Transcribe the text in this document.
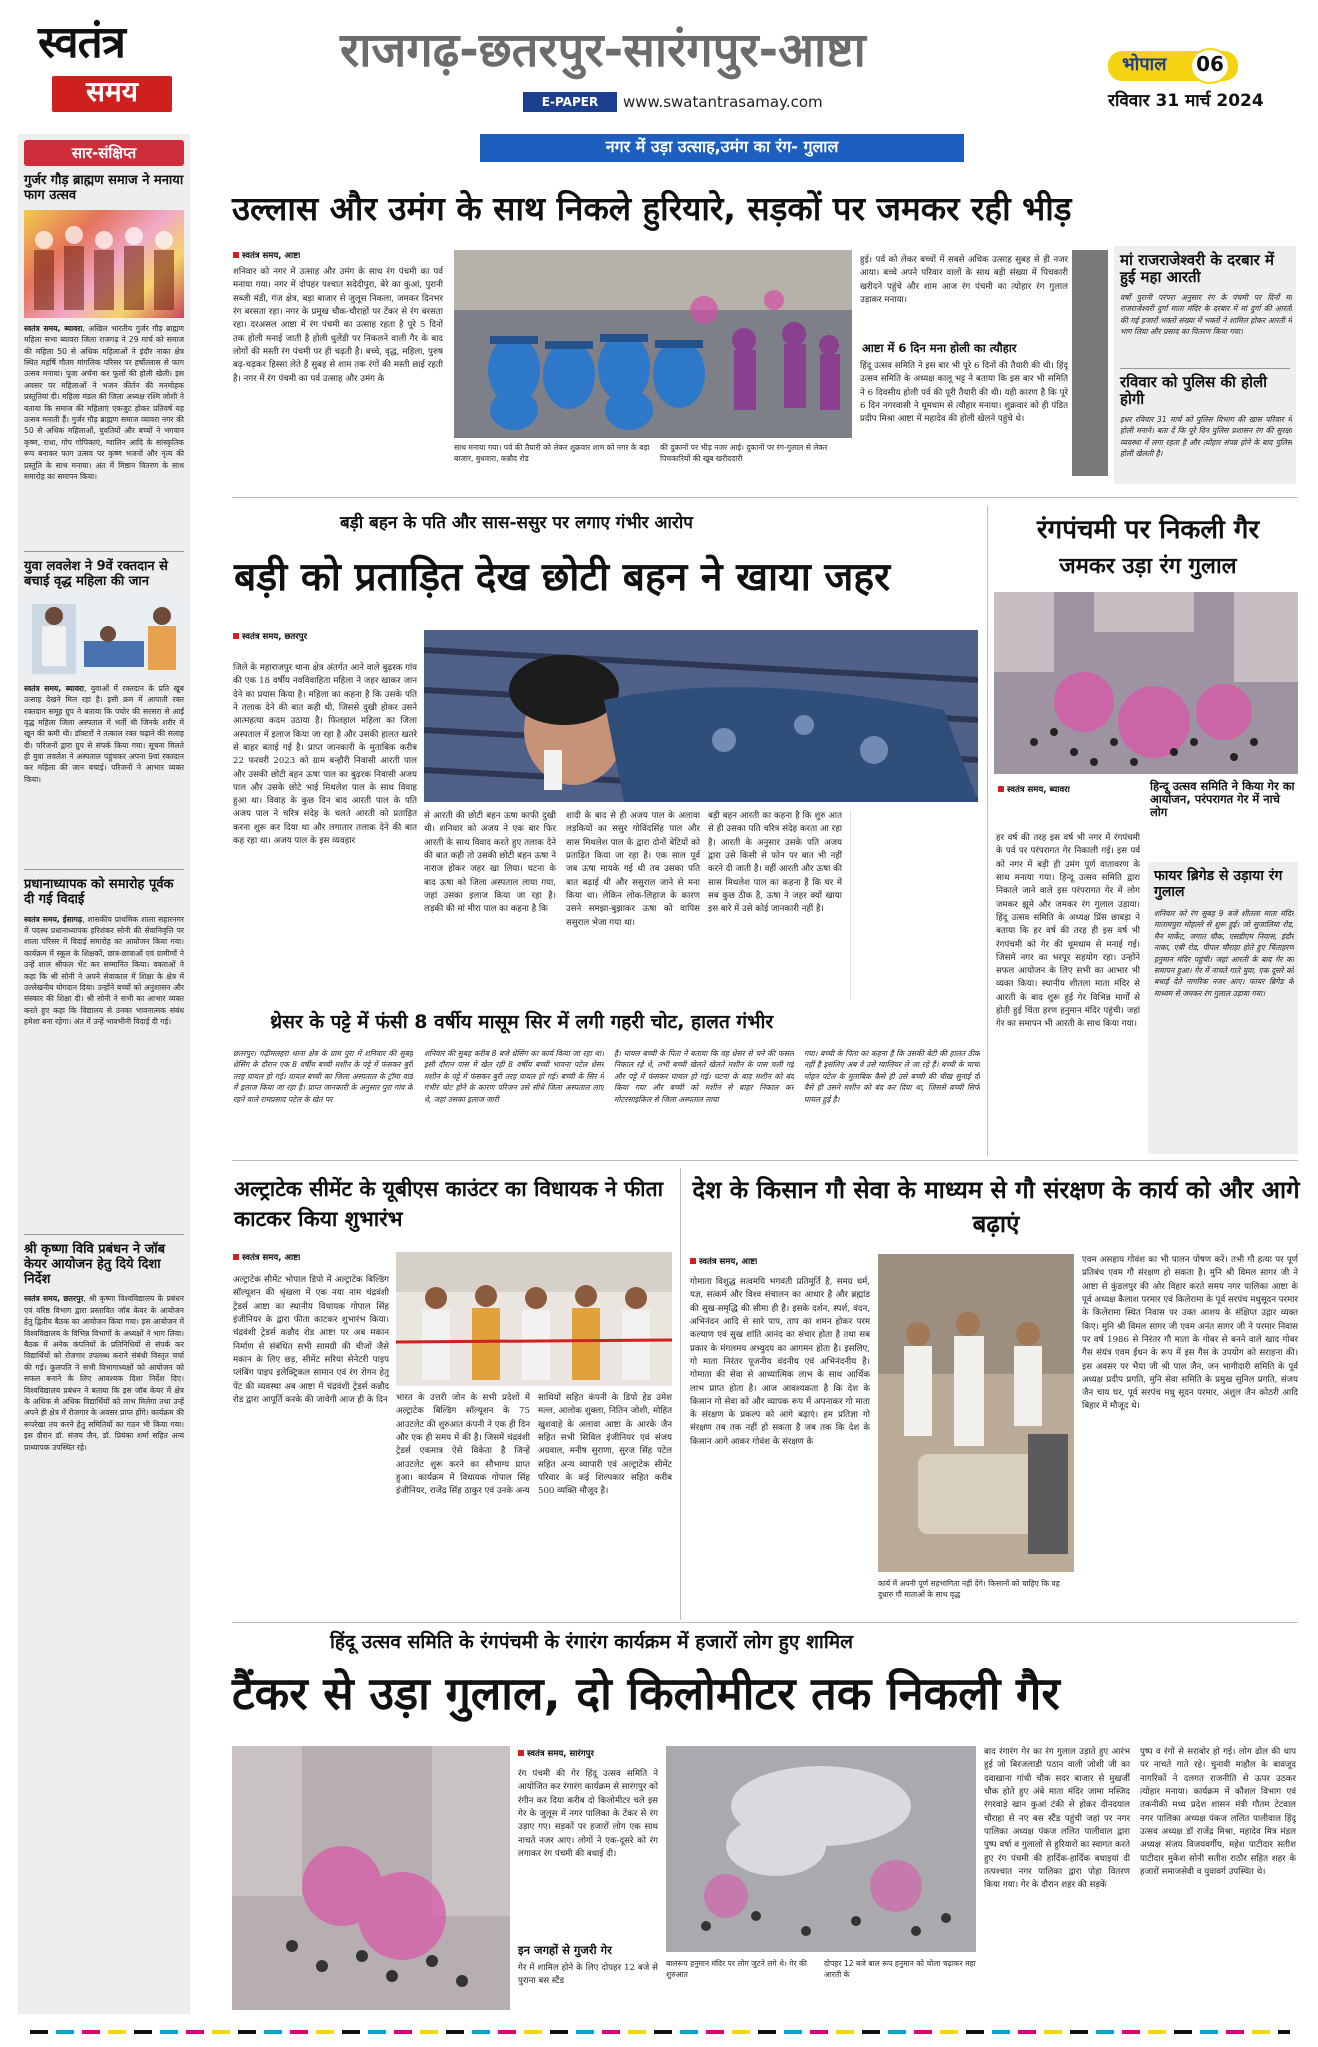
स्वतंत्र
समय
राजगढ़-छतरपुर-सारंगपुर-आष्टा
E-PAPER	www.swatantrasamay.com
भोपाल	06
रविवार 31 मार्च 2024
सार-संक्षिप्त
गुर्जर गौड़ ब्राह्मण समाज ने मनाया फाग उत्सव
स्वतंत्र समय, ब्यावरा, अखिल भारतीय गुर्जर गौड़ ब्राह्मण महिला सभा ब्यावरा जिला राजगढ़ ने 29 मार्च को समाज की महिला 50 से अधिक महिलाओं ने इंदौर नाका क्षेत्र स्थित महर्षि गौतम मांगलिक परिसर पर हर्षोल्लास से फाग उत्सव मनाया। पूजा अर्चना कर फूलों की होली खेली। इस अवसर पर महिलाओं ने भजन कीर्तन की मनमोहक प्रस्तुतियां दी। महिला मंडल की जिला अध्यक्ष रश्मि जोशी ने बताया कि समाज की महिलाएं एकजुट होकर प्रतिवर्ष यह उत्सव मनाती हैं। गुर्जर गौड़ ब्राह्मण समाज व्यावरा नगर की 50 से अधिक महिलाओं, युवतियों और बच्चों ने भगवान कृष्ण, राधा, गोप गोपिकाएं, ग्वालिन आदि के सांस्कृतिक रूप बनाकर फाग उत्सव पर कृष्ण भजनों और नृत्य की प्रस्तुति के साथ मनाया। अंत में मिष्ठान वितरण के साथ समारोह का समापन किया।
युवा लवलेश ने 9वें रक्तदान से बचाई वृद्ध महिला की जान
स्वतंत्र समय, ब्यावरा, युवाओं में रक्तदान के प्रति खूब उत्साह देखने मिल रहा है। इसी क्रम में आपाती रक्त रक्तदान समूह ग्रुप ने बताया कि पचोर की सरसरा से आईं वृद्ध महिला जिला अस्पताल में भर्ती थी जिनके शरीर में खून की कमी थी। डॉक्टरों ने तत्काल रक्त चढ़ाने की सलाह दी। परिजनों द्वारा ग्रुप से संपर्क किया गया। सूचना मिलते ही युवा लवलेश ने अस्पताल पहुंचकर अपना 9वां रक्तदान कर महिला की जान बचाई। परिजनों ने आभार व्यक्त किया।
प्रधानाध्यापक को समारोह पूर्वक दी गई विदाई
स्वतंत्र समय, ईसागढ़, शासकीय प्राथमिक शाला सहारनगर में पदस्थ प्रधानाध्यापक हरिशंकर सोनी की सेवानिवृत्ति पर शाला परिसर में विदाई समारोह का आयोजन किया गया। कार्यक्रम में स्कूल के शिक्षकों, छात्र-छात्राओं एवं ग्रामीणों ने उन्हें शाल श्रीफल भेंट कर सम्मानित किया। वक्ताओं ने कहा कि श्री सोनी ने अपने सेवाकाल में शिक्षा के क्षेत्र में उल्लेखनीय योगदान दिया। उन्होंने बच्चों को अनुशासन और संस्कार की शिक्षा दी। श्री सोनी ने सभी का आभार व्यक्त करते हुए कहा कि विद्यालय से उनका भावनात्मक संबंध हमेशा बना रहेगा। अंत में उन्हें भावभीनी विदाई दी गई।
श्री कृष्णा विवि प्रबंधन ने जॉब केयर आयोजन हेतु दिये दिशा निर्देश
स्वतंत्र समय, छतरपुर, श्री कृष्णा विश्वविद्यालय के प्रबंधन एवं वरिष्ठ विभाग द्वारा प्रस्तावित जॉब केयर के आयोजन हेतु द्वितीय बैठक का आयोजन किया गया। इस आयोजन में विश्वविद्यालय के विभिन्न विभागों के अध्यक्षों ने भाग लिया। बैठक में अनेक कंपनियों के प्रतिनिधियों से संपर्क कर विद्यार्थियों को रोजगार उपलब्ध कराने संबंधी विस्तृत चर्चा की गई। कुलपति ने सभी विभागाध्यक्षों को आयोजन को सफल बनाने के लिए आवश्यक दिशा निर्देश दिए। विश्वविद्यालय प्रबंधन ने बताया कि इस जॉब केयर में क्षेत्र के अधिक से अधिक विद्यार्थियों को लाभ मिलेगा तथा उन्हें अपने ही क्षेत्र में रोजगार के अवसर प्राप्त होंगे। कार्यक्रम की रूपरेखा तय करने हेतु समितियों का गठन भी किया गया। इस दौरान डॉ. संजय जैन, डॉ. प्रियंका शर्मा सहित अन्य प्राध्यापक उपस्थित रहे।
नगर में उड़ा उत्साह,उमंग का रंग- गुलाल
उल्लास और उमंग के साथ निकले हुरियारे, सड़कों पर जमकर रही भीड़
स्वतंत्र समय, आष्टा
शनिवार को नगर में उत्साह और उमंग के साथ रंग पंचमी का पर्व मनाया गया। नगर में दोपहर पश्चात सदेदीपुरा, बेरे का कुआं, पुरानी सब्जी मंडी, गंज क्षेत्र, बड़ा बाजार से जुलूस निकला, जमकर दिनभर रंग बरसता रहा। नगर के प्रमुख चौक-चौराहों पर टेंकर से रंग बरसता रहा। दरअसल आष्टा में रंग पंचमी का उत्साह रहता है पूरे 5 दिनों तक होली मनाई जाती है होली धुलेंडी पर निकलने वाली गैर के बाद लोगों की मस्ती रंग पंचमी पर ही चढ़ती है। बच्चे, वृद्ध, महिला, पुरुष बढ़-चढ़कर हिस्सा लेते हैं सुबह से शाम तक रंगों की मस्ती छाई रहती है। नगर में रंग पंचमी का पर्व उत्साह और उमंग के
साथ मनाया गया। पर्व की तैयारी को लेकर शुक्रवार शाम को नगर के बड़ा बाजार, बुधवारा, कन्नौद रोड
की दुकानों पर भीड़ नजर आई। दुकानों पर रंग-गुलाल से लेकर पिचकारियों की खूब खरीददारी
हुई। पर्व को लेकर बच्चों में सबसे अधिक उत्साह सुबह से ही नजर आया। बच्चे अपने परिवार वालों के साथ बड़ी संख्या में पिचकारी खरीदने पहुंचे और शाम आज रंग पंचमी का त्योहार रंग गुलाल उड़ाकर मनाया।
आष्टा में 6 दिन मना होली का त्यौहार
हिंदू उत्सव समिति ने इस बार भी पूरे 6 दिनों की तैयारी की थी। हिंदू उत्सव समिति के अध्यक्ष कालू भट्ट ने बताया कि इस बार भी समिति ने 6 दिवसीय होली पर्व की पूरी तैयारी की थी। यही कारण है कि पूरे 6 दिन नगरवासी ने धूमधाम से त्यौहार मनाया। शुक्रवार को ही पंडित प्रदीप मिश्रा आष्टा में महादेव की होली खेलने पहुंचे थे।
मां राजराजेश्वरी के दरबार में हुई महा आरती
वर्षों पुरानी परंपरा अनुसार रंग के पंचमी पर दिनों मां राजराजेश्वरी दुर्गा माता मंदिर के दरबार में मां दुर्गा की आरती की गई हजारों भक्तों संख्या में भक्तों ने शामिल होकर आरती में भाग लिया और प्रसाद का वितरण किया गया।
रविवार को पुलिस की होली होगी
इधर रविवार 31 मार्च को पुलिस विभाग की खास परिवार में होली मनाने। बता दें कि पूरे दिन पुलिस प्रशासन रंग की सुरक्षा व्यवस्था में लगा रहता है और त्योहार संपन्न होने के बाद पुलिस होली खेलती है।
बड़ी बहन के पति और सास-ससुर पर लगाए गंभीर आरोप
बड़ी को प्रताड़ित देख छोटी बहन ने खाया जहर
स्वतंत्र समय, छतरपुर
जिले के महाराजपुर थाना क्षेत्र अंतर्गत आने वाले बुढ़रक गांव की एक 18 वर्षीय नवविवाहिता महिला ने जहर खाकर जान देने का प्रयास किया है। महिला का कहना है कि उसके पति ने तलाक देने की बात कही थी, जिससे दुखी होकर उसने आत्महत्या कदम उठाया है। फिलहाल महिला का जिला अस्पताल में इलाज किया जा रहा है और उसकी हालत खतरे से बाहर बताई गई है। प्राप्त जानकारी के मुताबिक करीब 22 फरवरी 2023 को ग्राम बन्हौरी निवासी आरती पाल और उसकी छोटी बहन ऊषा पाल का बुढ़रक निवासी अजय पाल और उसके छोटे भाई मिथलेश पाल के साथ विवाह हुआ था। विवाह के कुछ दिन बाद आरती पाल के पति अजय पाल ने चरित्र संदेह के चलते आरती को प्रताड़ित करना शुरू कर दिया था और लगातार तलाक देने की बात कह रहा था। अजय पाल के इस व्यवहार
से आरती की छोटी बहन ऊषा काफी दुखी थी। शनिवार को अजय ने एक बार फिर आरती के साथ विवाद करते हुए तलाक देने की बात कही तो उसकी छोटी बहन ऊषा ने नाराज होकर जहर खा लिया। घटना के बाद ऊषा को जिला अस्पताल लाया गया, जहां उसका इलाज किया जा रहा है। लड़की की मां मीरा पाल का कहना है कि
शादी के बाद से ही अजय पाल के अलावा लड़कियों का ससुर गोविंदसिंह पाल और सास मिथलेश पाल के द्वारा दोनों बेटियों को प्रताड़ित किया जा रहा है। एक साल पूर्व जब ऊषा मायके गई थी तब उसका पति बात बढ़ाई थी और ससुराल जाने से मना किया था। लेकिन लोक-लिहाज के कारण उसने समझा-बुझाकर ऊषा को वापिस ससुराल भेजा गया था।
बड़ी बहन आरती का कहना है कि शुरु आत से ही उसका पति चरित्र संदेह करता आ रहा है। आरती के अनुसार उसके पति अजय द्वारा उसे किसी से फोन पर बात भी नहीं करने दी जाती है। वहीं आरती और ऊषा की सास मिथलेश पाल का कहना है कि घर में सब कुछ ठीक है, ऊषा ने जहर क्यों खाया इस बारे में उसे कोई जानकारी नहीं है।
थ्रेसर के पट्टे में फंसी 8 वर्षीय मासूम सिर में लगी गहरी चोट, हालत गंभीर
छतरपुर। गढ़ीमलहरा थाना क्षेत्र के ग्राम पुरा में शनिवार की सुबह थ्रेसिंग के दौरान एक 8 वर्षीय बच्ची मशीन के पट्टे में फंसकर बुरी तरह घायल हो गई। घायल बच्ची का जिला अस्पताल के ट्रॉमा वार्ड में इलाज किया जा रहा है। प्राप्त जानकारी के अनुसार पुरा गांव के रहने वाले रामप्रसाद पटेल के खेत पर
शनिवार की सुबह करीब 8 बजे थ्रेसिंग का कार्य किया जा रहा था। इसी दौरान पास में खेल रही 8 वर्षीय बच्ची भावना पटेल थ्रेसर मशीन के पट्टे में फंसकर बुरी तरह घायल हो गई। बच्ची के सिर में गंभीर चोट होने के कारण परिजन उसे सीधे जिला अस्पताल लाए थे, जहां उसका इलाज जारी
है। घायल बच्ची के पिता ने बताया कि वह थ्रेसर से चने की फसल निकाल रहे थे, तभी बच्ची खेलते खेलते मशीन के पास चली गई और पट्टे में फंसकर घायल हो गई। घटना के बाद मशीन को बंद किया गया और बच्ची को मशीन से बाहर निकाल कर मोटरसाइकिल से जिला अस्पताल लाया
गया। बच्ची के पिता का कहना है कि उसकी बेटी की हालत ठीक नहीं है इसलिए अब वे उसे ग्वालियर ले जा रहे हैं। बच्ची के चाचा मोहन पटेल के मुताबिक कैसे ही उसे बच्ची की चीख सुनाई दी वैसे ही उसने मशीन को बंद कर दिया था, जिससे बच्ची सिर्फ घायल हुई है।
रंगपंचमी पर निकली गैर
जमकर उड़ा रंग गुलाल
स्वतंत्र समय, ब्यावरा	हिन्दू उत्सव समिति ने किया गेर का आयोजन, परंपरागत गेर में नाचे लोग
हर वर्ष की तरह इस वर्ष भी नगर में रंगपंचमी के पर्व पर परंपरागत गेर निकाली गई। इस पर्व को नगर में बड़ी ही उमंग पूर्ण वातावरण के साथ मनाया गया। हिन्दू उत्सव समिति द्वारा निकाले जाने वाले इस परंपरागत गेर में लोग जमकर झूमे और जमकर रंग गुलाल उड़ाया। हिंदू उत्सव समिति के अध्यक्ष प्रिंस छाबड़ा ने बताया कि हर वर्ष की तरह ही इस वर्ष भी रंगपंचमी को गेर की धूमधाम से मनाई गई। जिसमें नगर का भरपूर सहयोग रहा। उन्होंने सफल आयोजन के लिए सभी का आभार भी व्यक्त किया। स्थानीय शीतला माता मंदिर से आरती के बाद शुरू हुई गेर विभिन्न मार्गों से होती हुई चिंता हरण हनुमान मंदिर पहुंची। जहां गेर का समापन भी आरती के साथ किया गया।
फायर ब्रिगेड से उड़ाया रंग गुलाल
शनिवार को रंग सुबह 9 बजे शीतला माता मंदिर मातामपुरा मोहल्ले से शुरू हुई। जो सुजालिया रोड, मैन मार्केट, जगात चौक, एसडीएम निवास, इंदौर नाका, एबी रोड, पीपल चौराहा होते हुए चिंताहरण हनुमान मंदिर पहुंची। जहां आरती के बाद गेर का समापन हुआ। गेर में नाचते गाते युवा, एक दूसरे को बधाई देते नागरिक नजर आए। फायर ब्रिगेड के माध्यम से जमकर रंग गुलाल उड़ाया गया।
अल्ट्राटेक सीमेंट के यूबीएस काउंटर का विधायक ने फीता काटकर किया शुभारंभ
स्वतंत्र समय, आष्टा
अल्ट्राटेक सीमेंट भोपाल डिपो में अल्ट्राटेक बिल्डिंग सॉल्यूशन की श्रृंखला में एक नया नाम चंद्रवंशी ट्रेडर्स आष्टा का स्थानीय विधायक गोपाल सिंह इंजीनियर के द्वारा फीता काटकर शुभारंभ किया। चंद्रवंशी ट्रेडर्स कन्नौद रोड आष्टा पर अब मकान निर्माण से संबंधित सभी सामग्री की चीजों जैसे मकान के लिए छड़, सीमेंट सरिया सेनेटरी पाइप प्लंबिंग पाइप इलेक्ट्रिकल सामान एवं रंग रोगन हेतु पेंट की व्यवस्था अब आष्टा में चंद्रवंशी ट्रेडर्स कन्नौद रोड द्वारा आपूर्ति करके की जावेगी आज ही के दिन भारत के उत्तरी जोन के सभी प्रदेशों में अल्ट्राटेक बिल्डिंग सॉल्यूशन के 75 आउटलेट की शुरुआत कंपनी ने एक ही दिन और एक ही समय में की है। जिसमें चंद्रवंशी ट्रेडर्स एकमात्र ऐसे विकेता है जिन्हें आउटलेट शुरू करने का सौभाग्य प्राप्त हुआ। कार्यक्रम में विधायक गोपाल सिंह इंजीनियर, राजेंद्र सिंह ठाकुर एवं उनके अन्य
साथियों सहित कंपनी के डिपो हेड उमेश मल्ल, आलोक शुक्ला, नितिन जोशी, मोहित खुशवाहे के अलावा आष्टा के आरके जैन सहित सभी सिविल इंजीनियर एवं संजय अग्रवाल, मनीष सुराणा, सुरज सिंह पटेल सहित अन्य व्यापारी एवं अल्ट्राटेक सीमेंट परिवार के कई शिल्पकार सहित करीब 500 व्यक्ति मौजूद है।
देश के किसान गौ सेवा के माध्यम से गौ संरक्षण के कार्य को और आगे बढ़ाएं
स्वतंत्र समय, आष्टा
गोमाता विशुद्ध सत्वमयि भगवती प्रतिमूर्ति है, समग्र धर्म, यज्ञ, सत्कर्म और विश्व संचालन का आधार है और ब्रह्मांड की सुख-समृद्धि की सीमा ही है। इसके दर्शन, स्पर्श, वंदन, अभिनंदन आदि से सारे पाप, ताप का शमन होकर परम कल्याण एवं सुख शांति आनंद का संचार होता है तथा सब प्रकार के मंगलमय अभ्युदय का आगमन होता है। इसलिए, गो माता निरंतर पूजनीय वंदनीय एवं अभिनंदनीय है। गोमाता की सेवा से आध्यात्मिक लाभ के साथ आर्थिक लाभ प्राप्त होता है। आज आवश्यकता है कि देश के किसान गो सेवा को और व्यापक रूप में अपनाकर गो माता के संरक्षण के प्रकल्प को आगे बढ़ाएं। हम प्रतिज्ञा गो संरक्षण तब तक नहीं हो सकता है जब तक कि देश के किसान आगे आकर गोवंश के संरक्षण के
कार्य में अपनी पूर्ण सहभागिता नहीं देंगे। किसानों को चाहिए कि वह दुधारु गौ माताओं के साथ वृद्ध
एवम असहाय गोवंश का भी पालन पोषण करें। तभी गौ हत्या पर पूर्ण प्रतिबंध एवम गौ संरक्षण हो सकता है। मुनि श्री विमल सागर जी ने आष्टा से कुंडलपुर की ओर विहार करते समय नगर पालिका आष्टा के पूर्व अध्यक्ष कैलाश परमार एवं किलेरामा के पूर्व सरपंच मधुसूदन परमार के किलेरामा स्थित निवास पर उक्त आशय के संक्षिप्त उद्गार व्यक्त किए। मुनि श्री विमल सागर जी एवम अनंत सागर जी ने परमार निवास पर वर्ष 1986 से निरंतर गौ माता के गोबर से बनने वाले खाद गोबर गैस संयंत्र एवम ईंधन के रूप में इस गैस के उपयोग को सराहना की। इस अवसर पर भैया जी श्री पाल जैन, जन भागीदारी समिति के पूर्व अध्यक्ष प्रदीप प्रगति, मुनि सेवा समिति के प्रमुख सुनिल प्रगति, संजय जैन चाय घर, पूर्व सरपंच मधु सूदन परमार, अंशुल जैन कोठरी आदि बिहार में मौजूद थे।
हिंदू उत्सव समिति के रंगपंचमी के रंगारंग कार्यक्रम में हजारों लोग हुए शामिल
टैंकर से उड़ा गुलाल, दो किलोमीटर तक निकली गैर
स्वतंत्र समय, सारंगपुर
रंग पंचमी की गेर हिंदू उत्सव समिति ने आयोजित कर रंगारंग कार्यक्रम से सारंगपुर को रंगीन कर दिया करीब दो किलोमीटर चले इस गेर के जुलूस में नगर पालिका के टेंकर से रंग उड़ाए गए। सड़कों पर हजारों लोग एक साथ नाचते नजर आए। लोगों ने एक-दूसरे को रंग लगाकर रंग पंचमी की बधाई दी।
इन जगहों से गुजरी गेर
गेर में शामिल होने के लिए दोपहर 12 बजे से पुराना बस स्टैंड
बालरूप हनुमान मंदिर पर लोग जुटने लगे थे। गेर की शुरुआत
दोपहर 12 बजे बाल रूप हनुमान को चोला चढ़ाकर महा आरती के
बाद रंगारंग गेर का रंग गुलाल उड़ाते हुए आरंभ हुई जो बिरजलाडी पठान वाली जोशी जी का दवाखाना गांधी चौक सदर बाजार से मुखर्जी चौक होते हुए अंबे माता मंदिर जामा मस्जिद रंगरवाड़े खान कुआं टंकी से होकर दीनदयाल चौराहा से नए बस स्टैंड पहुंची जहां पर नगर पालिका अध्यक्ष पंकज ललित पालीवाल द्वारा पुष्प वर्षा व गुलालों से हुरियारों का स्वागत करते हुए रंग पंचमी की हार्दिक-हार्दिक बधाइयां दी तत्पश्चात नगर पालिका द्वारा पोहा वितरण किया गया। गेर के दौरान शहर की सड़कें
पुष्प व रंगों से सराबोर हो गई। लोग ढोल की धाप पर नाचते गाते रहे। चुनावी माहौल के बावजूद नागरिकों ने दलगत राजनीति से ऊपर उठकर त्योहार मनाया। कार्यक्रम में कौशल विभाग एवं तकनीकी मध्य प्रदेश शासन मंत्री गौतम टेटवाल नगर पालिका अध्यक्ष पंकज ललित पालीवाल हिंदू उत्सव अध्यक्ष डॉ राजेंद्र मिश्रा, महादेव मित्र मंडल अध्यक्ष संजय विजयवर्गीय, महेश पाटीदार सतीश पाटीदार मुकेश सोनी सतीश राठौर सहित शहर के हजारों समाजसेवी व युवावर्ग उपस्थित थे।
